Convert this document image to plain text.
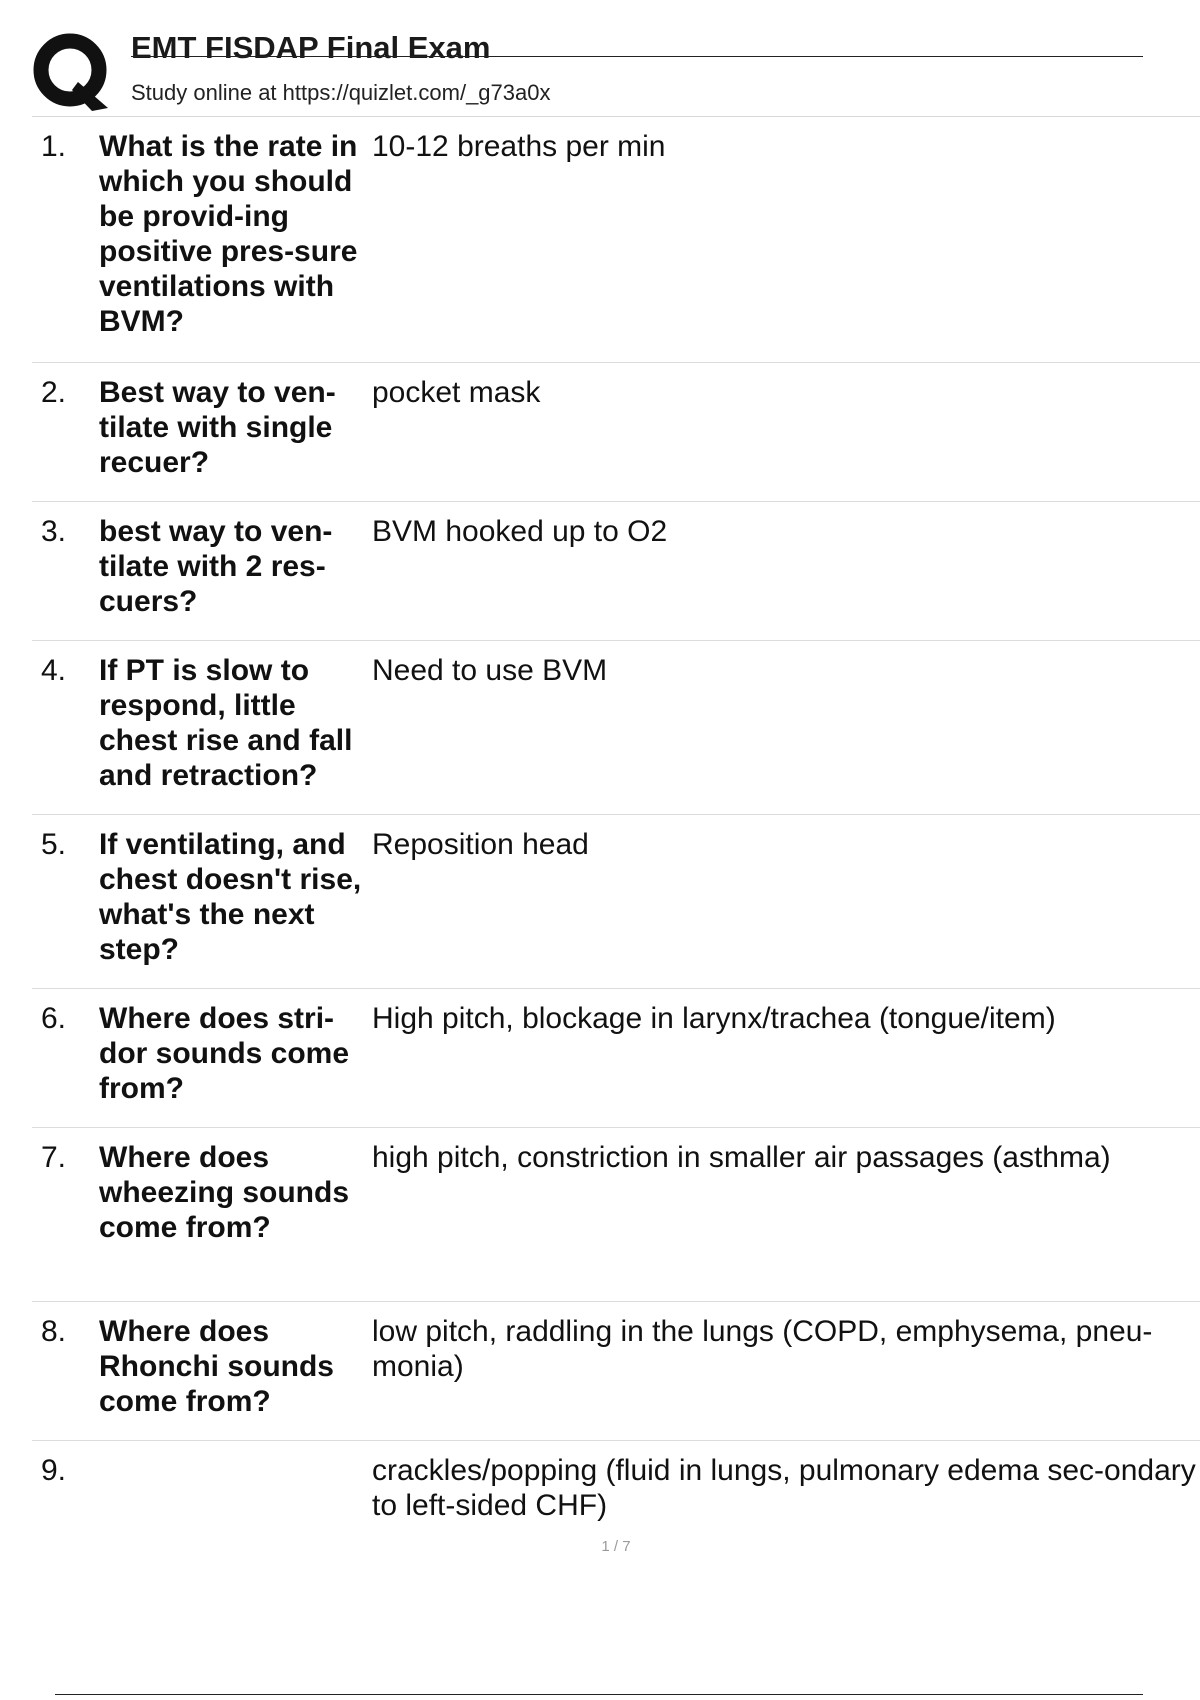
EMT FISDAP Final Exam
Study online at https://quizlet.com/_g73a0x
1. What is the rate in which you should be provid-ing positive pres-sure ventilations with BVM?
10-12 breaths per min
2. Best way to ven-tilate with single recuer?
pocket mask
3. best way to ven-tilate with 2 res-cuers?
BVM hooked up to O2
4. If PT is slow to respond, little chest rise and fall and retraction?
Need to use BVM
5. If ventilating, and chest doesn't rise, what's the next step?
Reposition head
6. Where does stri-dor sounds come from?
High pitch, blockage in larynx/trachea (tongue/item)
7. Where does wheezing sounds come from?
high pitch, constriction in smaller air passages (asthma)
8. Where does Rhonchi sounds come from?
low pitch, raddling in the lungs (COPD, emphysema, pneu-monia)
9.	crackles/popping (fluid in lungs, pulmonary edema sec-ondary to left-sided CHF)
1 / 7
